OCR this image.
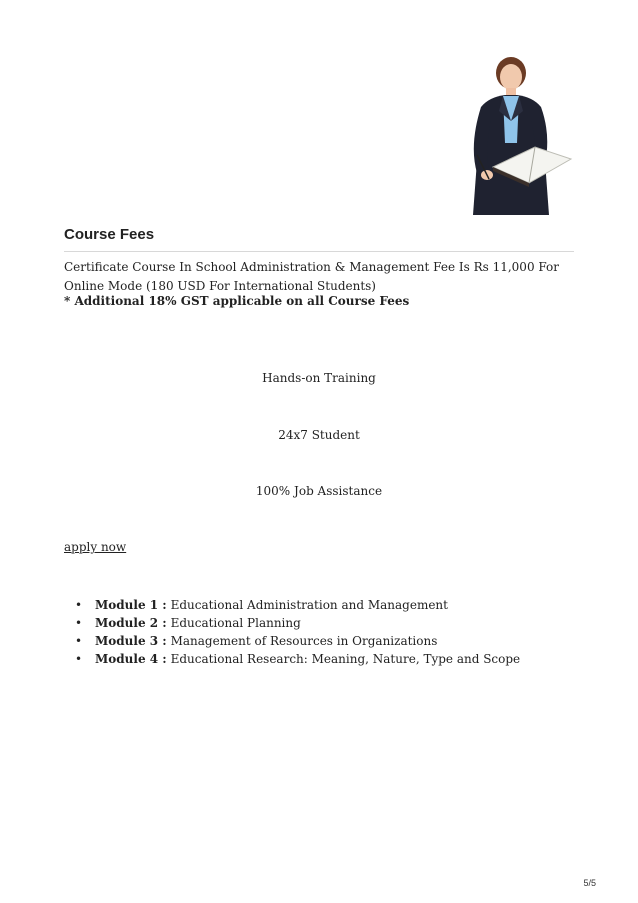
Course Fees
Certificate Course In School Administration & Management Fee Is Rs 11,000 For Online Mode (180 USD For International Students)
* Additional 18% GST applicable on all Course Fees
Hands-on Training
24x7 Student
100% Job Assistance
apply now
• Module 1 : Educational Administration and Management
• Module 2 : Educational Planning
• Module 3 : Management of Resources in Organizations
• Module 4 : Educational Research: Meaning, Nature, Type and Scope
5/5
